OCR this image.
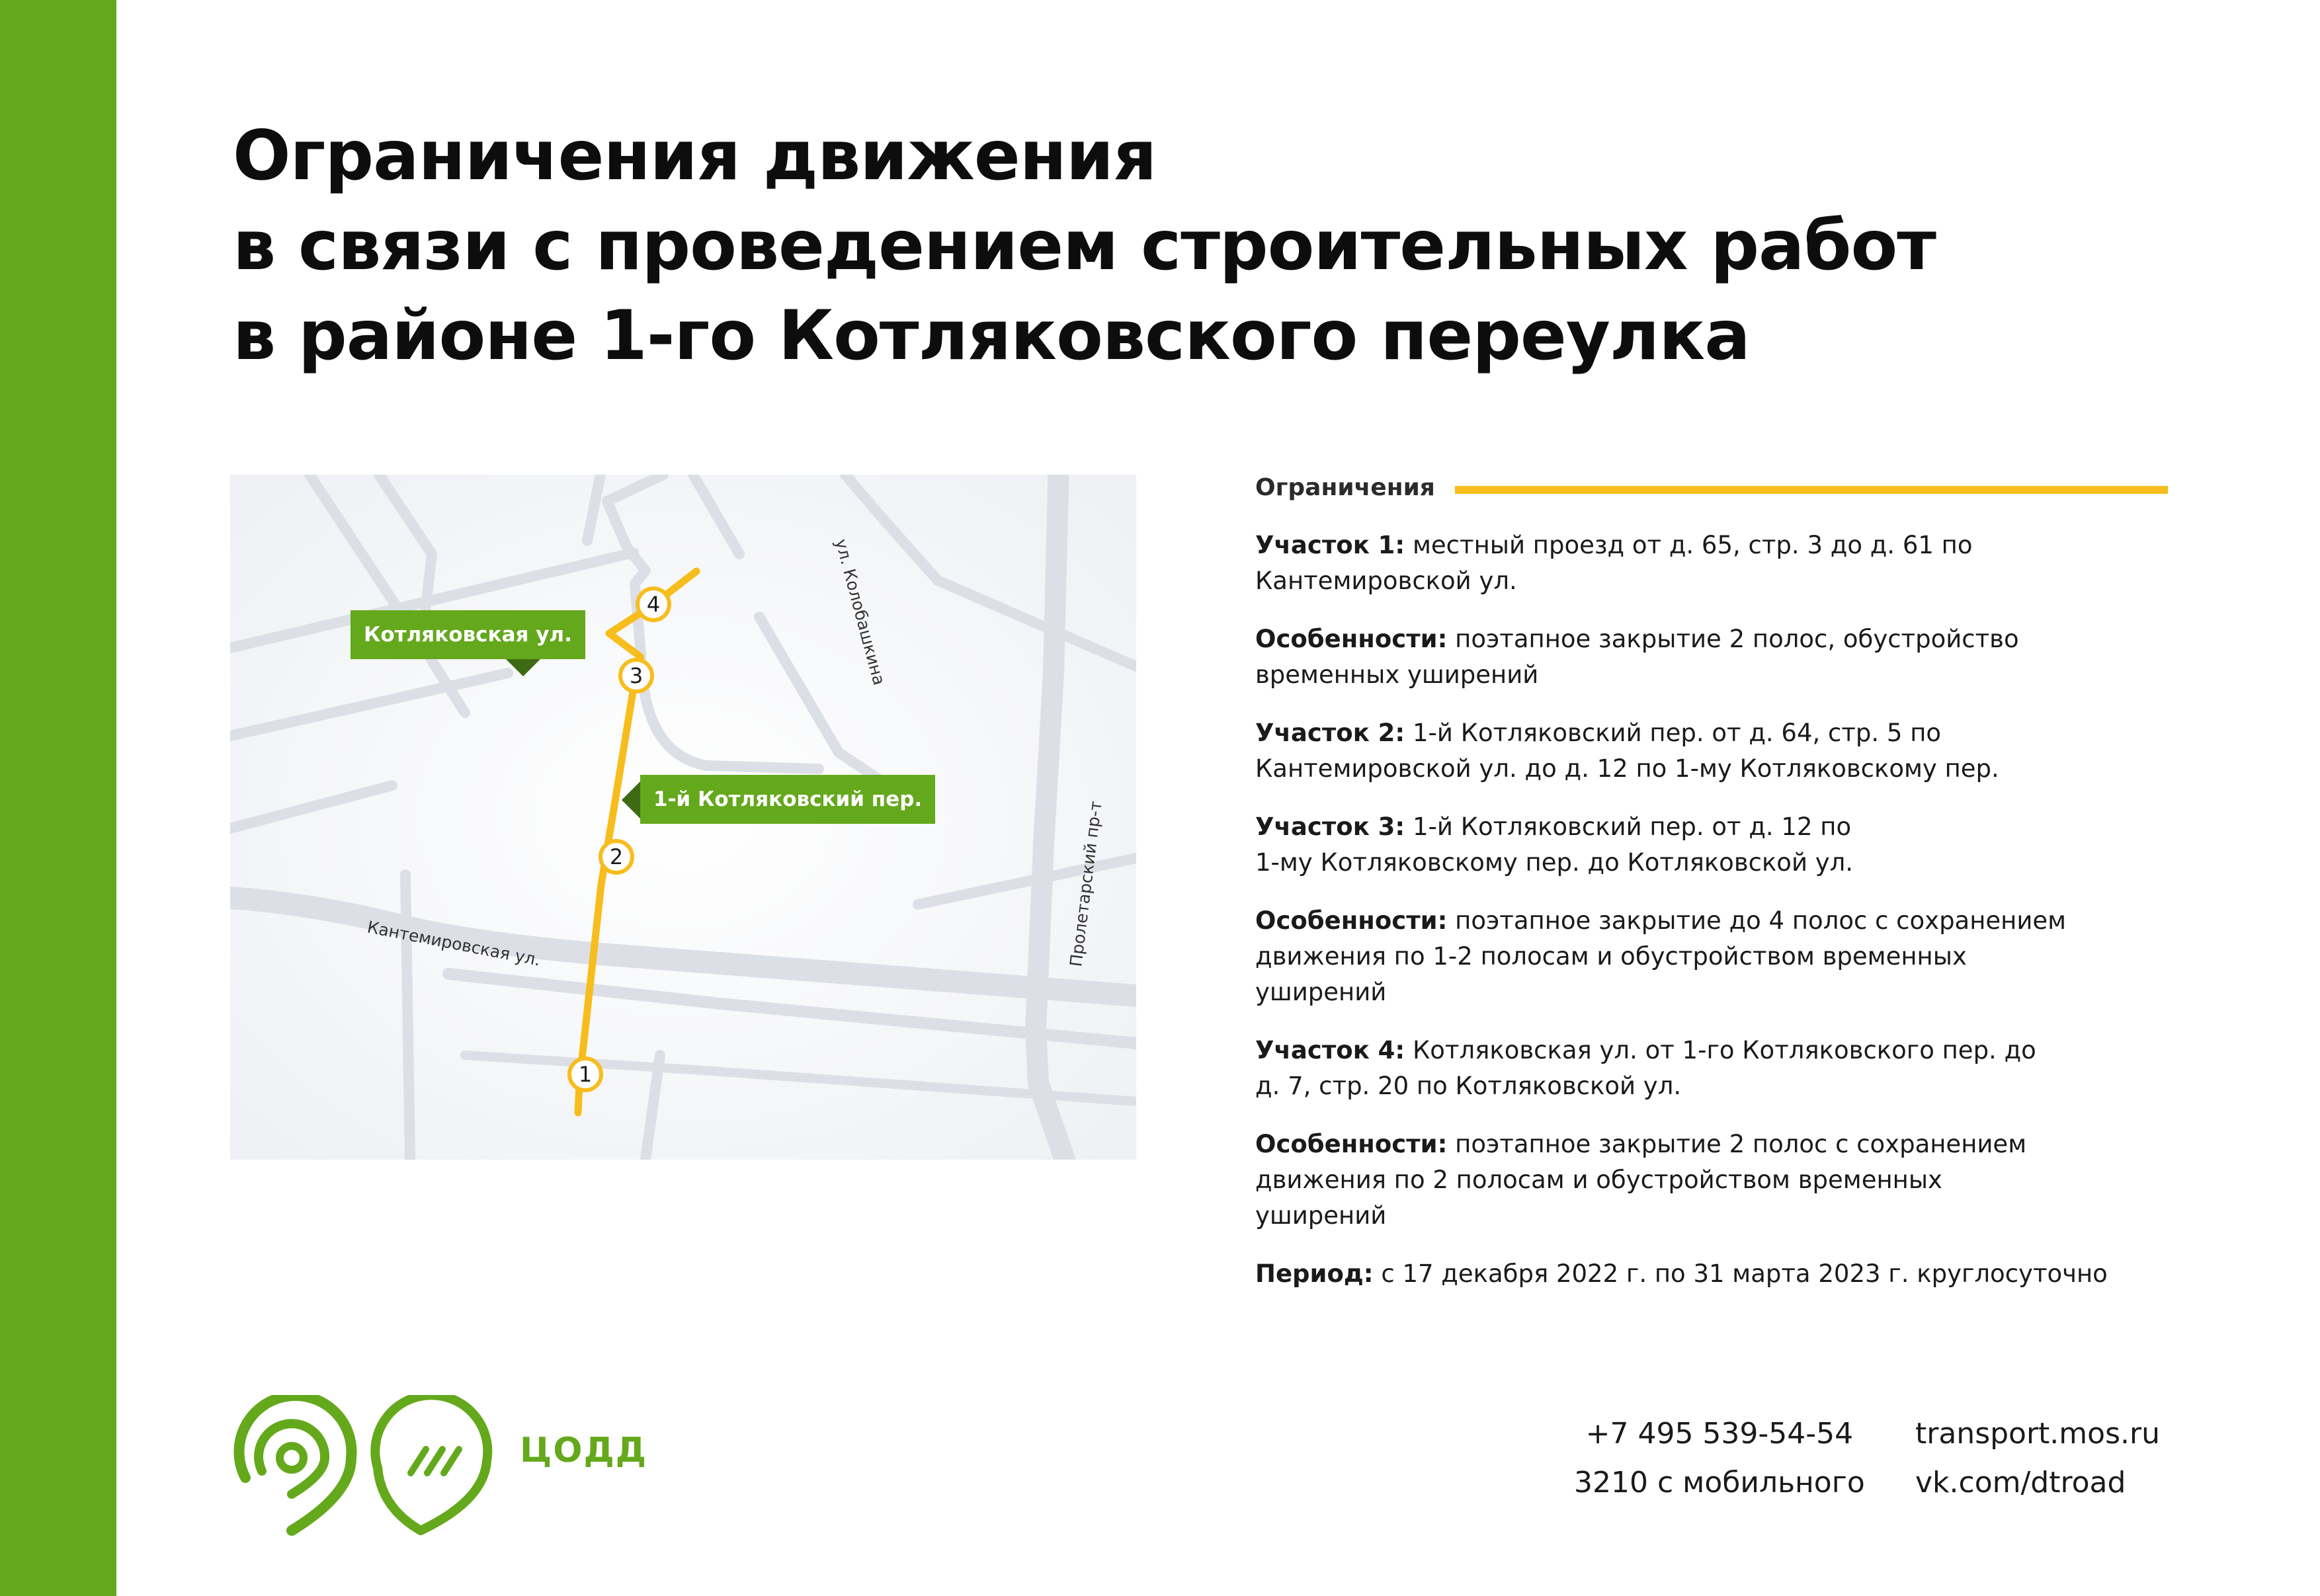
Ограничения движения
в связи с проведением строительных работ
в районе 1-го Котляковского переулка
Кантемировская ул.
ул. Колобашкина
Пролетарский пр-т
1
2
3
4
Котляковская ул.
1-й Котляковский пер.
Ограничения
Участок 1: местный проезд от д. 65, стр. 3 до д. 61 по
Кантемировской ул.
Особенности: поэтапное закрытие 2 полос, обустройство
временных уширений
Участок 2: 1-й Котляковский пер. от д. 64, стр. 5 по
Кантемировской ул. до д. 12 по 1-му Котляковскому пер.
Участок 3: 1-й Котляковский пер. от д. 12 по
1-му Котляковскому пер. до Котляковской ул.
Особенности: поэтапное закрытие до 4 полос с сохранением
движения по 1-2 полосам и обустройством временных
уширений
Участок 4: Котляковская ул. от 1-го Котляковского пер. до
д. 7, стр. 20 по Котляковской ул.
Особенности: поэтапное закрытие 2 полос с сохранением
движения по 2 полосам и обустройством временных
уширений
Период: с 17 декабря 2022 г. по 31 марта 2023 г. круглосуточно
ЦОДД	+7 495 539-54-54
3210 с мобильного
transport.mos.ru
vk.com/dtroad
